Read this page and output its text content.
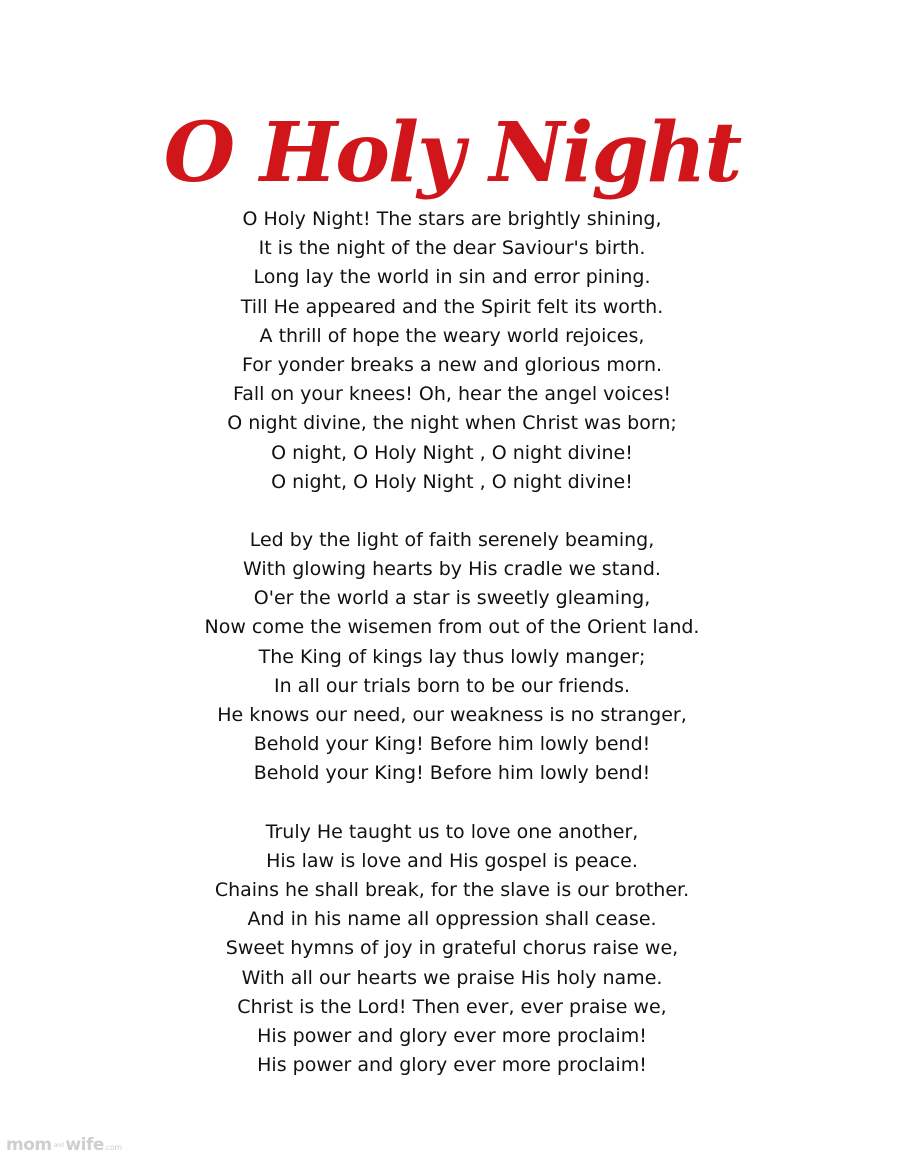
O Holy Night
O Holy Night! The stars are brightly shining,
It is the night of the dear Saviour's birth.
Long lay the world in sin and error pining.
Till He appeared and the Spirit felt its worth.
A thrill of hope the weary world rejoices,
For yonder breaks a new and glorious morn.
Fall on your knees! Oh, hear the angel voices!
O night divine, the night when Christ was born;
O night, O Holy Night , O night divine!
O night, O Holy Night , O night divine!
Led by the light of faith serenely beaming,
With glowing hearts by His cradle we stand.
O'er the world a star is sweetly gleaming,
Now come the wisemen from out of the Orient land.
The King of kings lay thus lowly manger;
In all our trials born to be our friends.
He knows our need, our weakness is no stranger,
Behold your King! Before him lowly bend!
Behold your King! Before him lowly bend!
Truly He taught us to love one another,
His law is love and His gospel is peace.
Chains he shall break, for the slave is our brother.
And in his name all oppression shall cease.
Sweet hymns of joy in grateful chorus raise we,
With all our hearts we praise His holy name.
Christ is the Lord! Then ever, ever praise we,
His power and glory ever more proclaim!
His power and glory ever more proclaim!
mom and wife.com
